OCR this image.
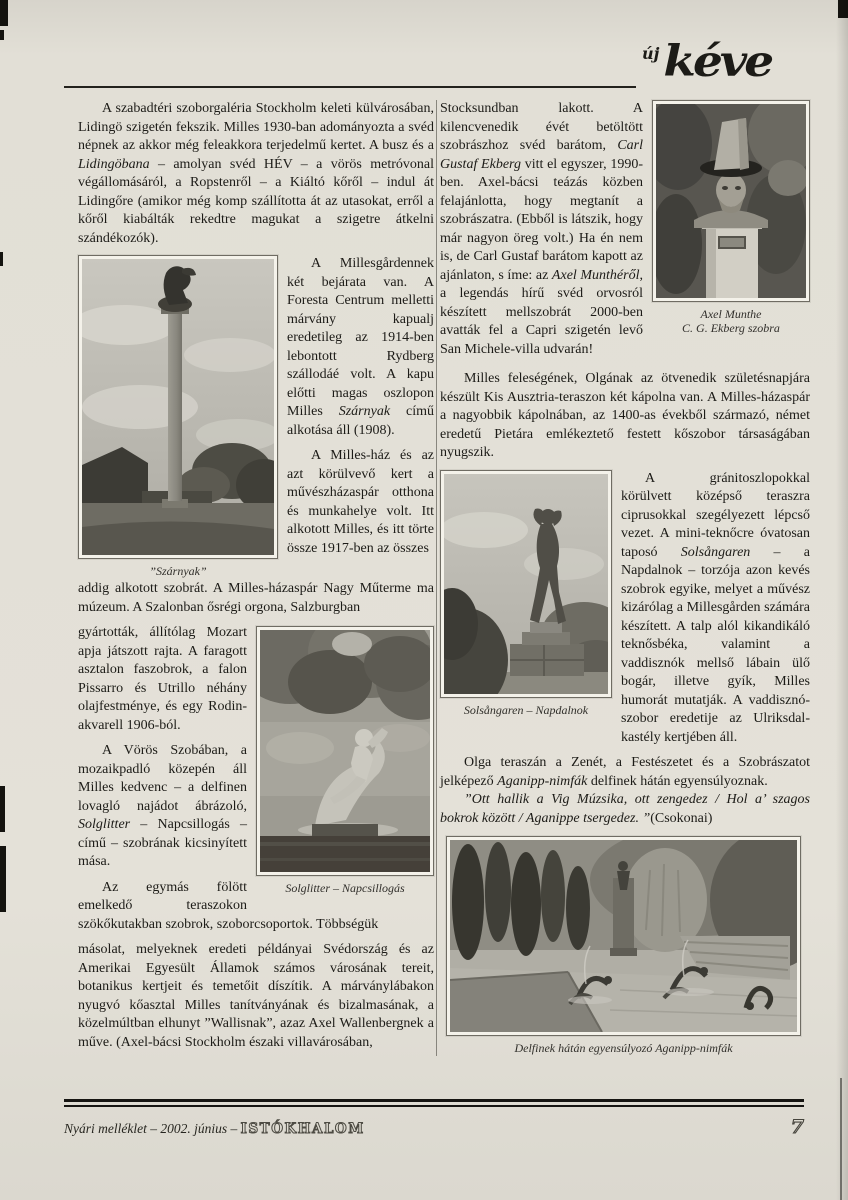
új kéve

A szabadtéri szoborgaléria Stockholm keleti külvárosában, Lidingö szigetén fekszik. Milles 1930-ban adományozta a svéd népnek az akkor még feleakkora terjedelmű kertet. A busz és a Lidingöbana – amolyan svéd HÉV – a vörös metróvonal végállomásáról, a Ropstenről – a Kiáltó kőről – indul át Lidingőre (amikor még komp szállította át az utasokat, erről a kőről kiabálták rekedtre magukat a szigetre átkelni szándékozók).

”Szárnyak”

A Millesgårdennek két bejárata van. A Foresta Centrum melletti márvány kapualj eredetileg az 1914-ben lebontott Rydberg szállodáé volt. A kapu előtti magas oszlopon Milles Szárnyak című alkotása áll (1908).

A Milles-ház és az azt körülvevő kert a művészházaspár otthona és munkahelye volt. Itt alkotott Milles, és itt törte össze 1917-ben az összes

addig alkotott szobrát. A Milles-házaspár Nagy Műterme ma múzeum. A Szalonban ősrégi orgona, Salzburgban

Solglitter – Napcsillogás

gyártották, állítólag Mozart apja játszott rajta. A faragott asztalon faszobrok, a falon Pissarro és Utrillo néhány olajfestménye, és egy Rodin-akvarell 1906-ból.

A Vörös Szobában, a mozaikpadló közepén áll Milles kedvenc – a delfinen lovagló najádot ábrázoló, Solglitter – Napcsillogás – című – szobrának kicsinyített mása.

Az egymás fölött emelkedő teraszokon szökőkutakban szobrok, szoborcsoportok. Többségük

másolat, melyeknek eredeti példányai Svédország és az Amerikai Egyesült Államok számos városának tereit, botanikus kertjeit és temetőit díszítik. A márványlábakon nyugvó kőasztal Milles tanítványának és bizalmasának, a közelmúltban elhunyt ”Wallisnak”, azaz Axel Wallenbergnek a műve. (Axel-bácsi Stockholm északi villavárosában,

Stocksundban lakott. A kilencvenedik évét betöltött szobrászhoz svéd barátom, Carl Gustaf Ekberg vitt el egyszer, 1990-ben. Axel-bácsi teázás közben felajánlotta, hogy megtanít a szobrászatra. (Ebből is látszik, hogy már nagyon öreg volt.) Ha én nem is, de Carl Gustaf barátom kapott az ajánlaton, s íme: az Axel Munthéről, a legendás hírű svéd orvosról készített mellszobrát 2000-ben avatták fel a Capri szigetén levő San Michele-villa udvarán!

Axel Munthe
C. G. Ekberg szobra

Milles feleségének, Olgának az ötvenedik születésnapjára készült Kis Ausztria-teraszon két kápolna van. A Milles-házaspár a nagyobbik kápolnában, az 1400-as évekből származó, német eredetű Pietára emlékeztető festett kőszobor társaságában nyugszik.

Solsångaren – Napdalnok

A gránitoszlopokkal körülvett középső teraszra ciprusokkal szegélyezett lépcső vezet. A mini-teknőcre óvatosan taposó Solsångaren – a Napdalnok – torzója azon kevés szobrok egyike, melyet a művész kizárólag a Millesgården számára készített. A talp alól kikandikáló teknősbéka, valamint a vaddisznók mellső lábain ülő bogár, illetve gyík, Milles humorát mutatják. A vaddisznó-szobor eredetije az Ulriksdal-kastély kertjében áll.

Olga teraszán a Zenét, a Festészetet és a Szobrászatot jelképező Aganipp-nimfák delfinek hátán egyensúlyoznak.

”Ott hallik a Vig Múzsika, ott zengedez / Hol a’ szagos bokrok között / Aganippe tsergedez. ”(Csokonai)

Delfinek hátán egyensúlyozó Aganipp-nimfák
Nyári melléklet – 2002. június – ISTÓKHALOM	7
